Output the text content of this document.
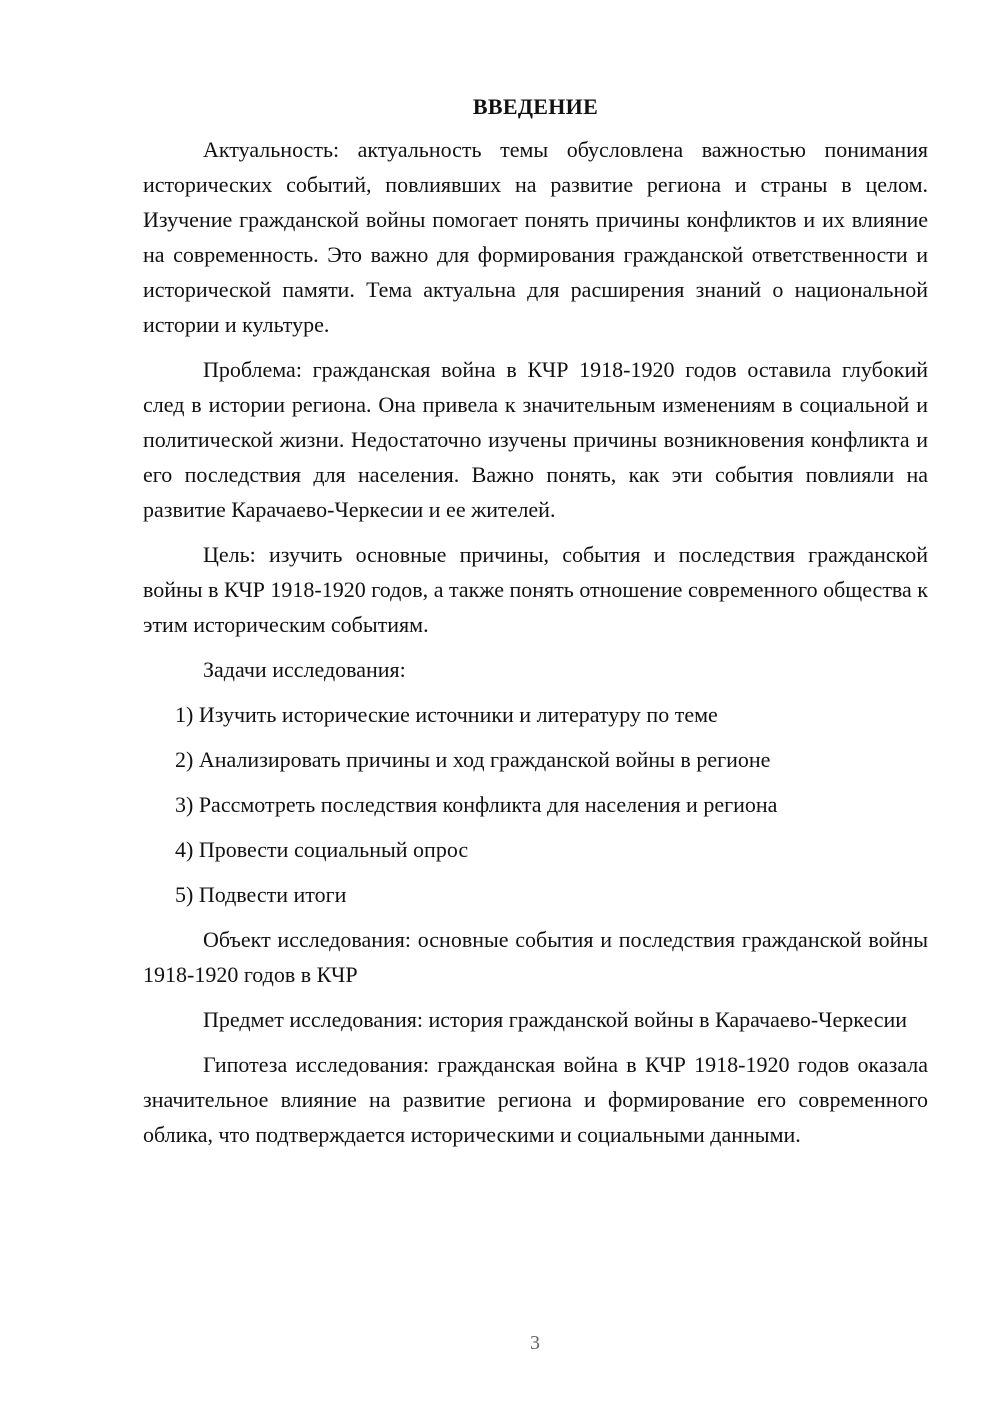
ВВЕДЕНИЕ

Актуальность: актуальность темы обусловлена важностью понимания исторических событий, повлиявших на развитие региона и страны в целом. Изучение гражданской войны помогает понять причины конфликтов и их влияние на современность. Это важно для формирования гражданской ответственности и исторической памяти. Тема актуальна для расширения знаний о национальной истории и культуре.

Проблема: гражданская война в КЧР 1918-1920 годов оставила глубокий след в истории региона. Она привела к значительным изменениям в социальной и политической жизни. Недостаточно изучены причины возникновения конфликта и его последствия для населения. Важно понять, как эти события повлияли на развитие Карачаево-Черкесии и ее жителей.

Цель: изучить основные причины, события и последствия гражданской войны в КЧР 1918-1920 годов, а также понять отношение современного общества к этим историческим событиям.

Задачи исследования:

1) Изучить исторические источники и литературу по теме

2) Анализировать причины и ход гражданской войны в регионе

3) Рассмотреть последствия конфликта для населения и региона

4) Провести социальный опрос

5) Подвести итоги

Объект исследования: основные события и последствия гражданской войны 1918-1920 годов в КЧР

Предмет исследования: история гражданской войны в Карачаево-Черкесии

Гипотеза исследования: гражданская война в КЧР 1918-1920 годов оказала значительное влияние на развитие региона и формирование его современного облика, что подтверждается историческими и социальными данными.

3
